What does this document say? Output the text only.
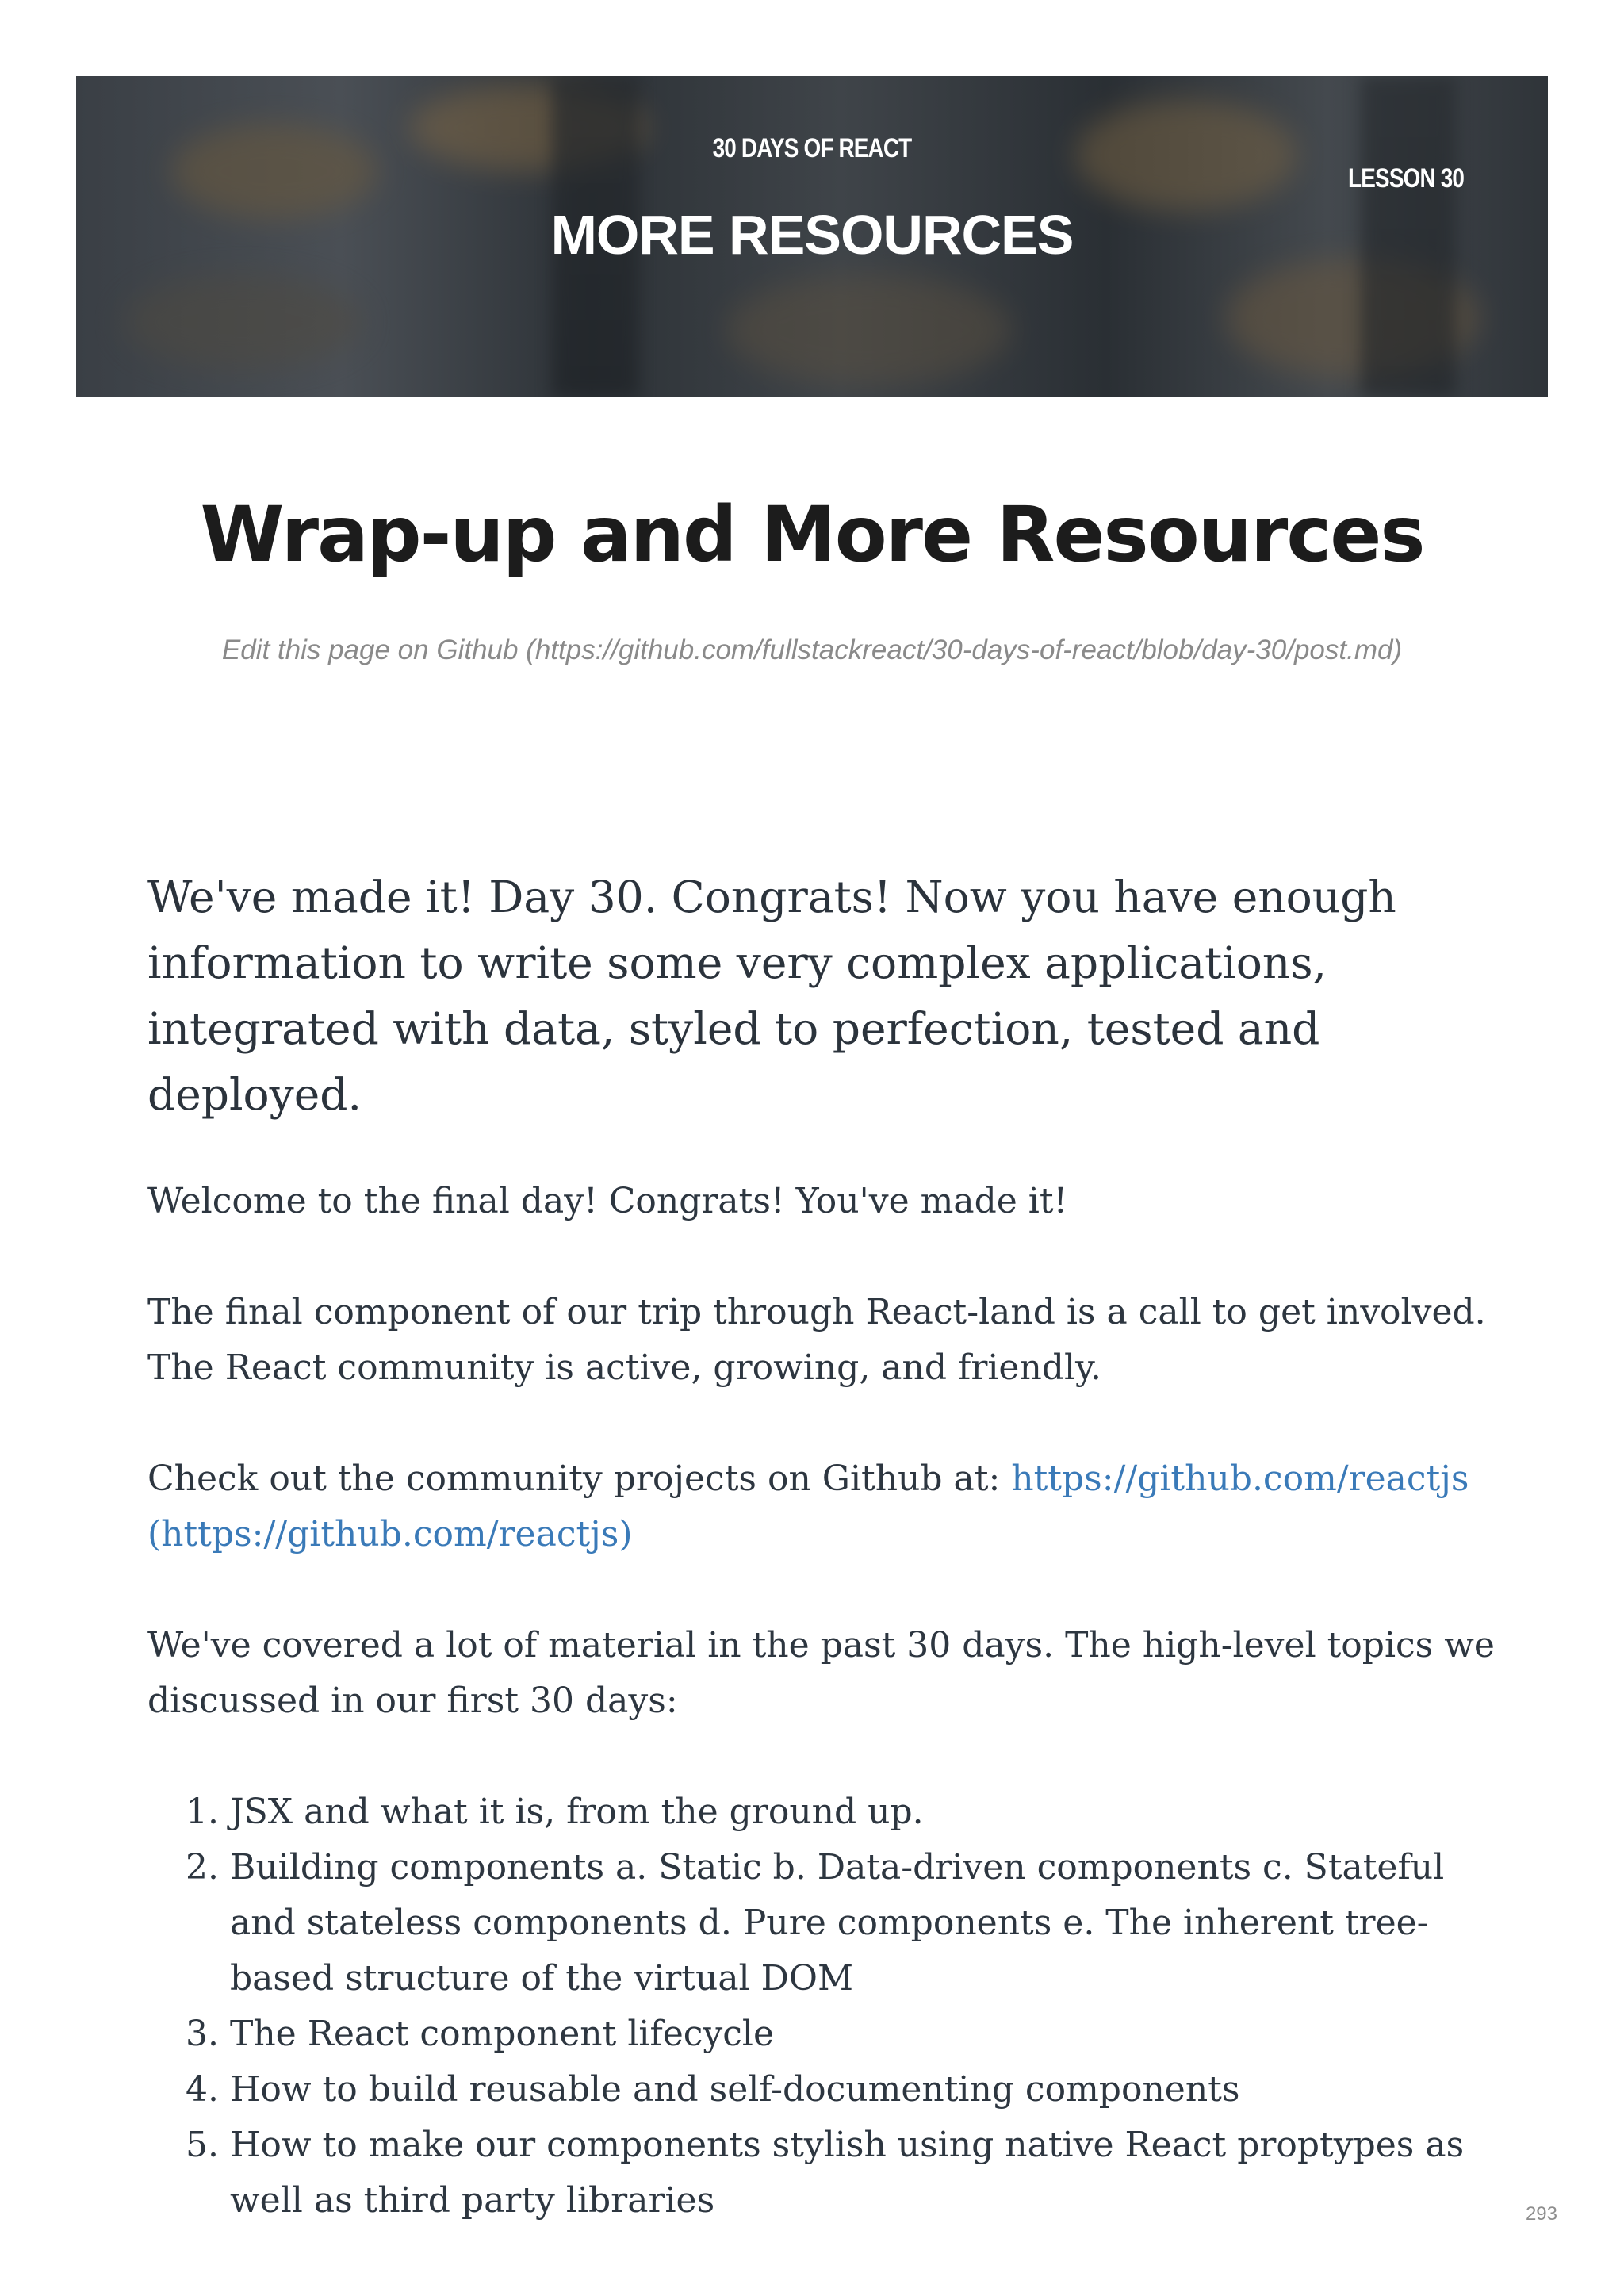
30 DAYS OF REACT
MORE RESOURCES
LESSON 30
Wrap-up and More Resources
Edit this page on Github (https://github.com/fullstackreact/30-days-of-react/blob/day-30/post.md)

We've made it! Day 30. Congrats! Now you have enough information to write some very complex applications, integrated with data, styled to perfection, tested and deployed.

Welcome to the final day! Congrats! You've made it!

The final component of our trip through React-land is a call to get involved. The React community is active, growing, and friendly.

Check out the community projects on Github at: https://github.com/reactjs (https://github.com/reactjs)

We've covered a lot of material in the past 30 days. The high-level topics we discussed in our first 30 days:

1. JSX and what it is, from the ground up.
2. Building components a. Static b. Data-driven components c. Stateful and stateless components d. Pure components e. The inherent tree-based structure of the virtual DOM
3. The React component lifecycle
4. How to build reusable and self-documenting components
5. How to make our components stylish using native React proptypes as well as third party libraries	293
